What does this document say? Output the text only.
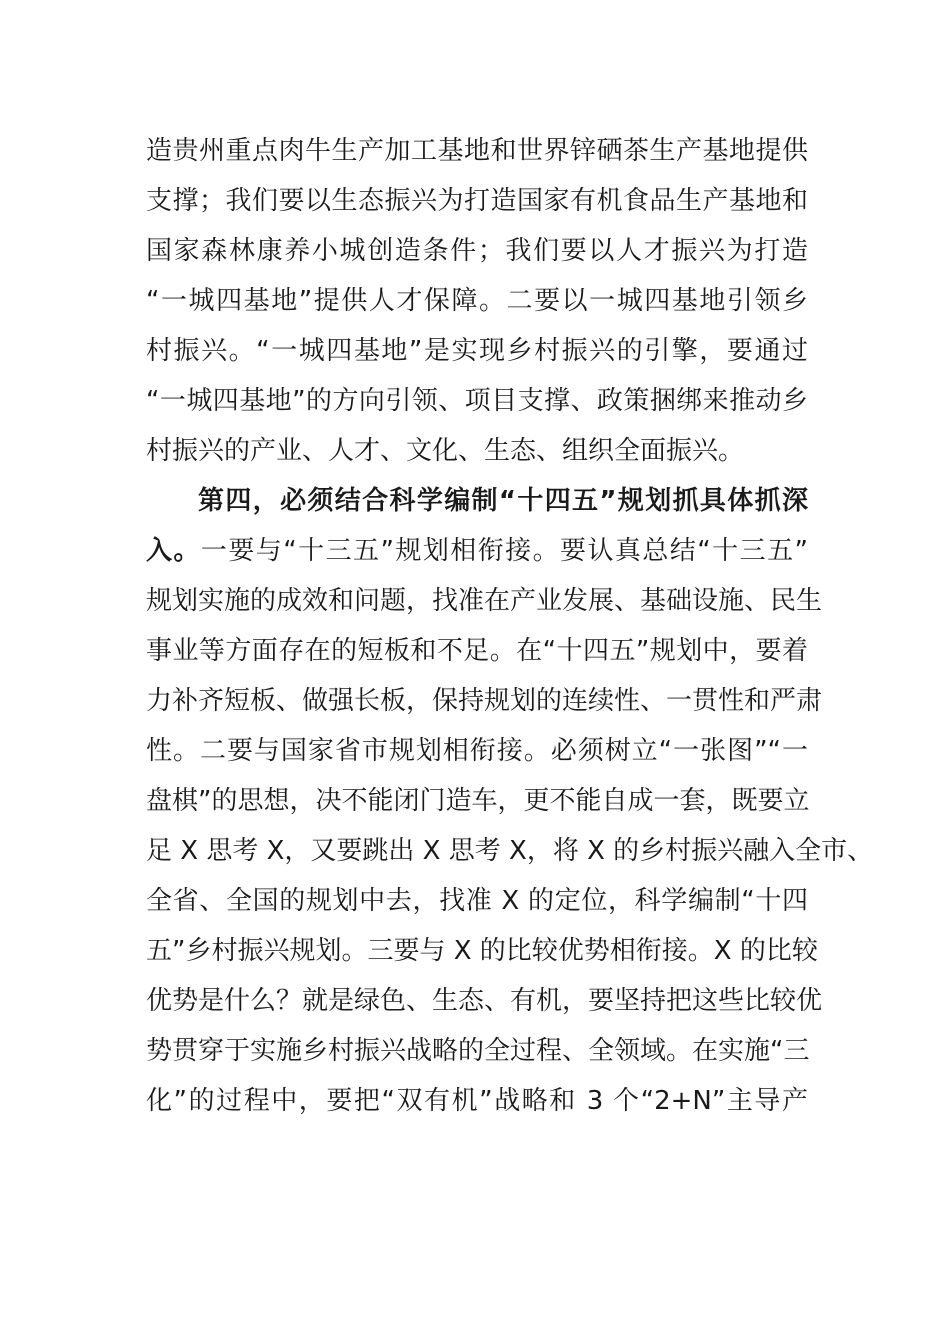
造贵州重点肉牛生产加工基地和世界锌硒茶生产基地提供
支撑；我们要以生态振兴为打造国家有机食品生产基地和
国家森林康养小城创造条件；我们要以人才振兴为打造
“一城四基地”提供人才保障。二要以一城四基地引领乡
村振兴。“一城四基地”是实现乡村振兴的引擎，要通过
“一城四基地”的方向引领、项目支撑、政策捆绑来推动乡
村振兴的产业、人才、文化、生态、组织全面振兴。
第四，必须结合科学编制“十四五”规划抓具体抓深
入。一要与“十三五”规划相衔接。要认真总结“十三五”
规划实施的成效和问题，找准在产业发展、基础设施、民生
事业等方面存在的短板和不足。在“十四五”规划中，要着
力补齐短板、做强长板，保持规划的连续性、一贯性和严肃
性。二要与国家省市规划相衔接。必须树立“一张图”“一
盘棋”的思想，决不能闭门造车，更不能自成一套，既要立
足 X 思考 X，又要跳出 X 思考 X，将 X 的乡村振兴融入全市、
全省、全国的规划中去，找准 X 的定位，科学编制“十四
五”乡村振兴规划。三要与 X 的比较优势相衔接。X 的比较
优势是什么？就是绿色、生态、有机，要坚持把这些比较优
势贯穿于实施乡村振兴战略的全过程、全领域。在实施“三
化”的过程中，要把“双有机”战略和 3 个“2+N”主导产
